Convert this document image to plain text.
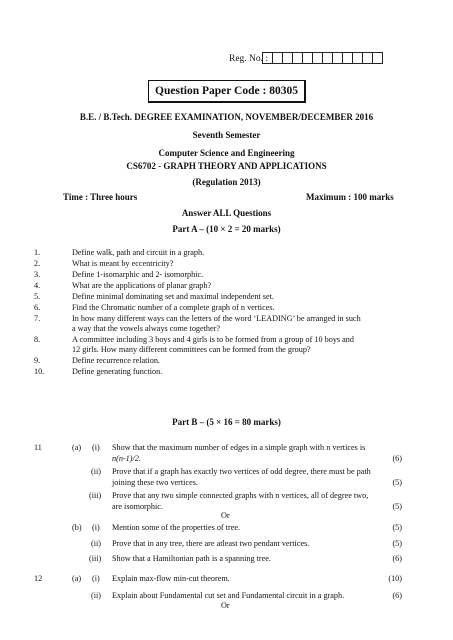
Reg. No. :
Question Paper Code : 80305
B.E. / B.Tech. DEGREE EXAMINATION, NOVEMBER/DECEMBER 2016
Seventh Semester
Computer Science and Engineering
CS6702 - GRAPH THEORY AND APPLICATIONS
(Regulation 2013)
Time : Three hours	Maximum : 100 marks
Answer ALL Questions
Part A – (10 × 2 = 20 marks)
1.	Define walk, path and circuit in a graph.
2.	What is meant by eccentricity?
3.	Define 1-isomarphic and 2- isomorphic.
4.	What are the applications of planar graph?
5.	Define minimal dominating set and maximal independent set.
6.	Find the Chromatic number of a complete graph of n vertices.
7.	In how many different ways can the letters of the word ‘LEADING’ be arranged in such
a way that the vowels always come together?
8.	A committee including 3 boys and 4 girls is to be formed from a group of 10 boys and
12 girls. How many different committees can be formed from the group?
9.	Define recurrence relation.
10.	Define generating function.
Part B – (5 × 16 = 80 marks)
11	(a) (i) Show that the maximum number of edges in a simple graph with n vertices is
n(n-1)/2.	(6)
(ii) Prove that if a graph has exactly two vertices of odd degree, there must be path
joining these two vertices.	(5)
(iii) Prove that any two simple connected graphs with n vertices, all of degree two,
are isomorphic.	(5)
Or
(b) (i) Mention some of the properties of tree.	(5)
(ii) Prove that in any tree, there are atleast two pendant vertices.	(5)
(iii) Show that a Hamiltonian path is a spanning tree.	(6)
12	(a) (i) Explain max-flow min-cut theorem.	(10)
(ii) Explain about Fundamental cut set and Fundamental circuit in a graph.	(6)
Or
